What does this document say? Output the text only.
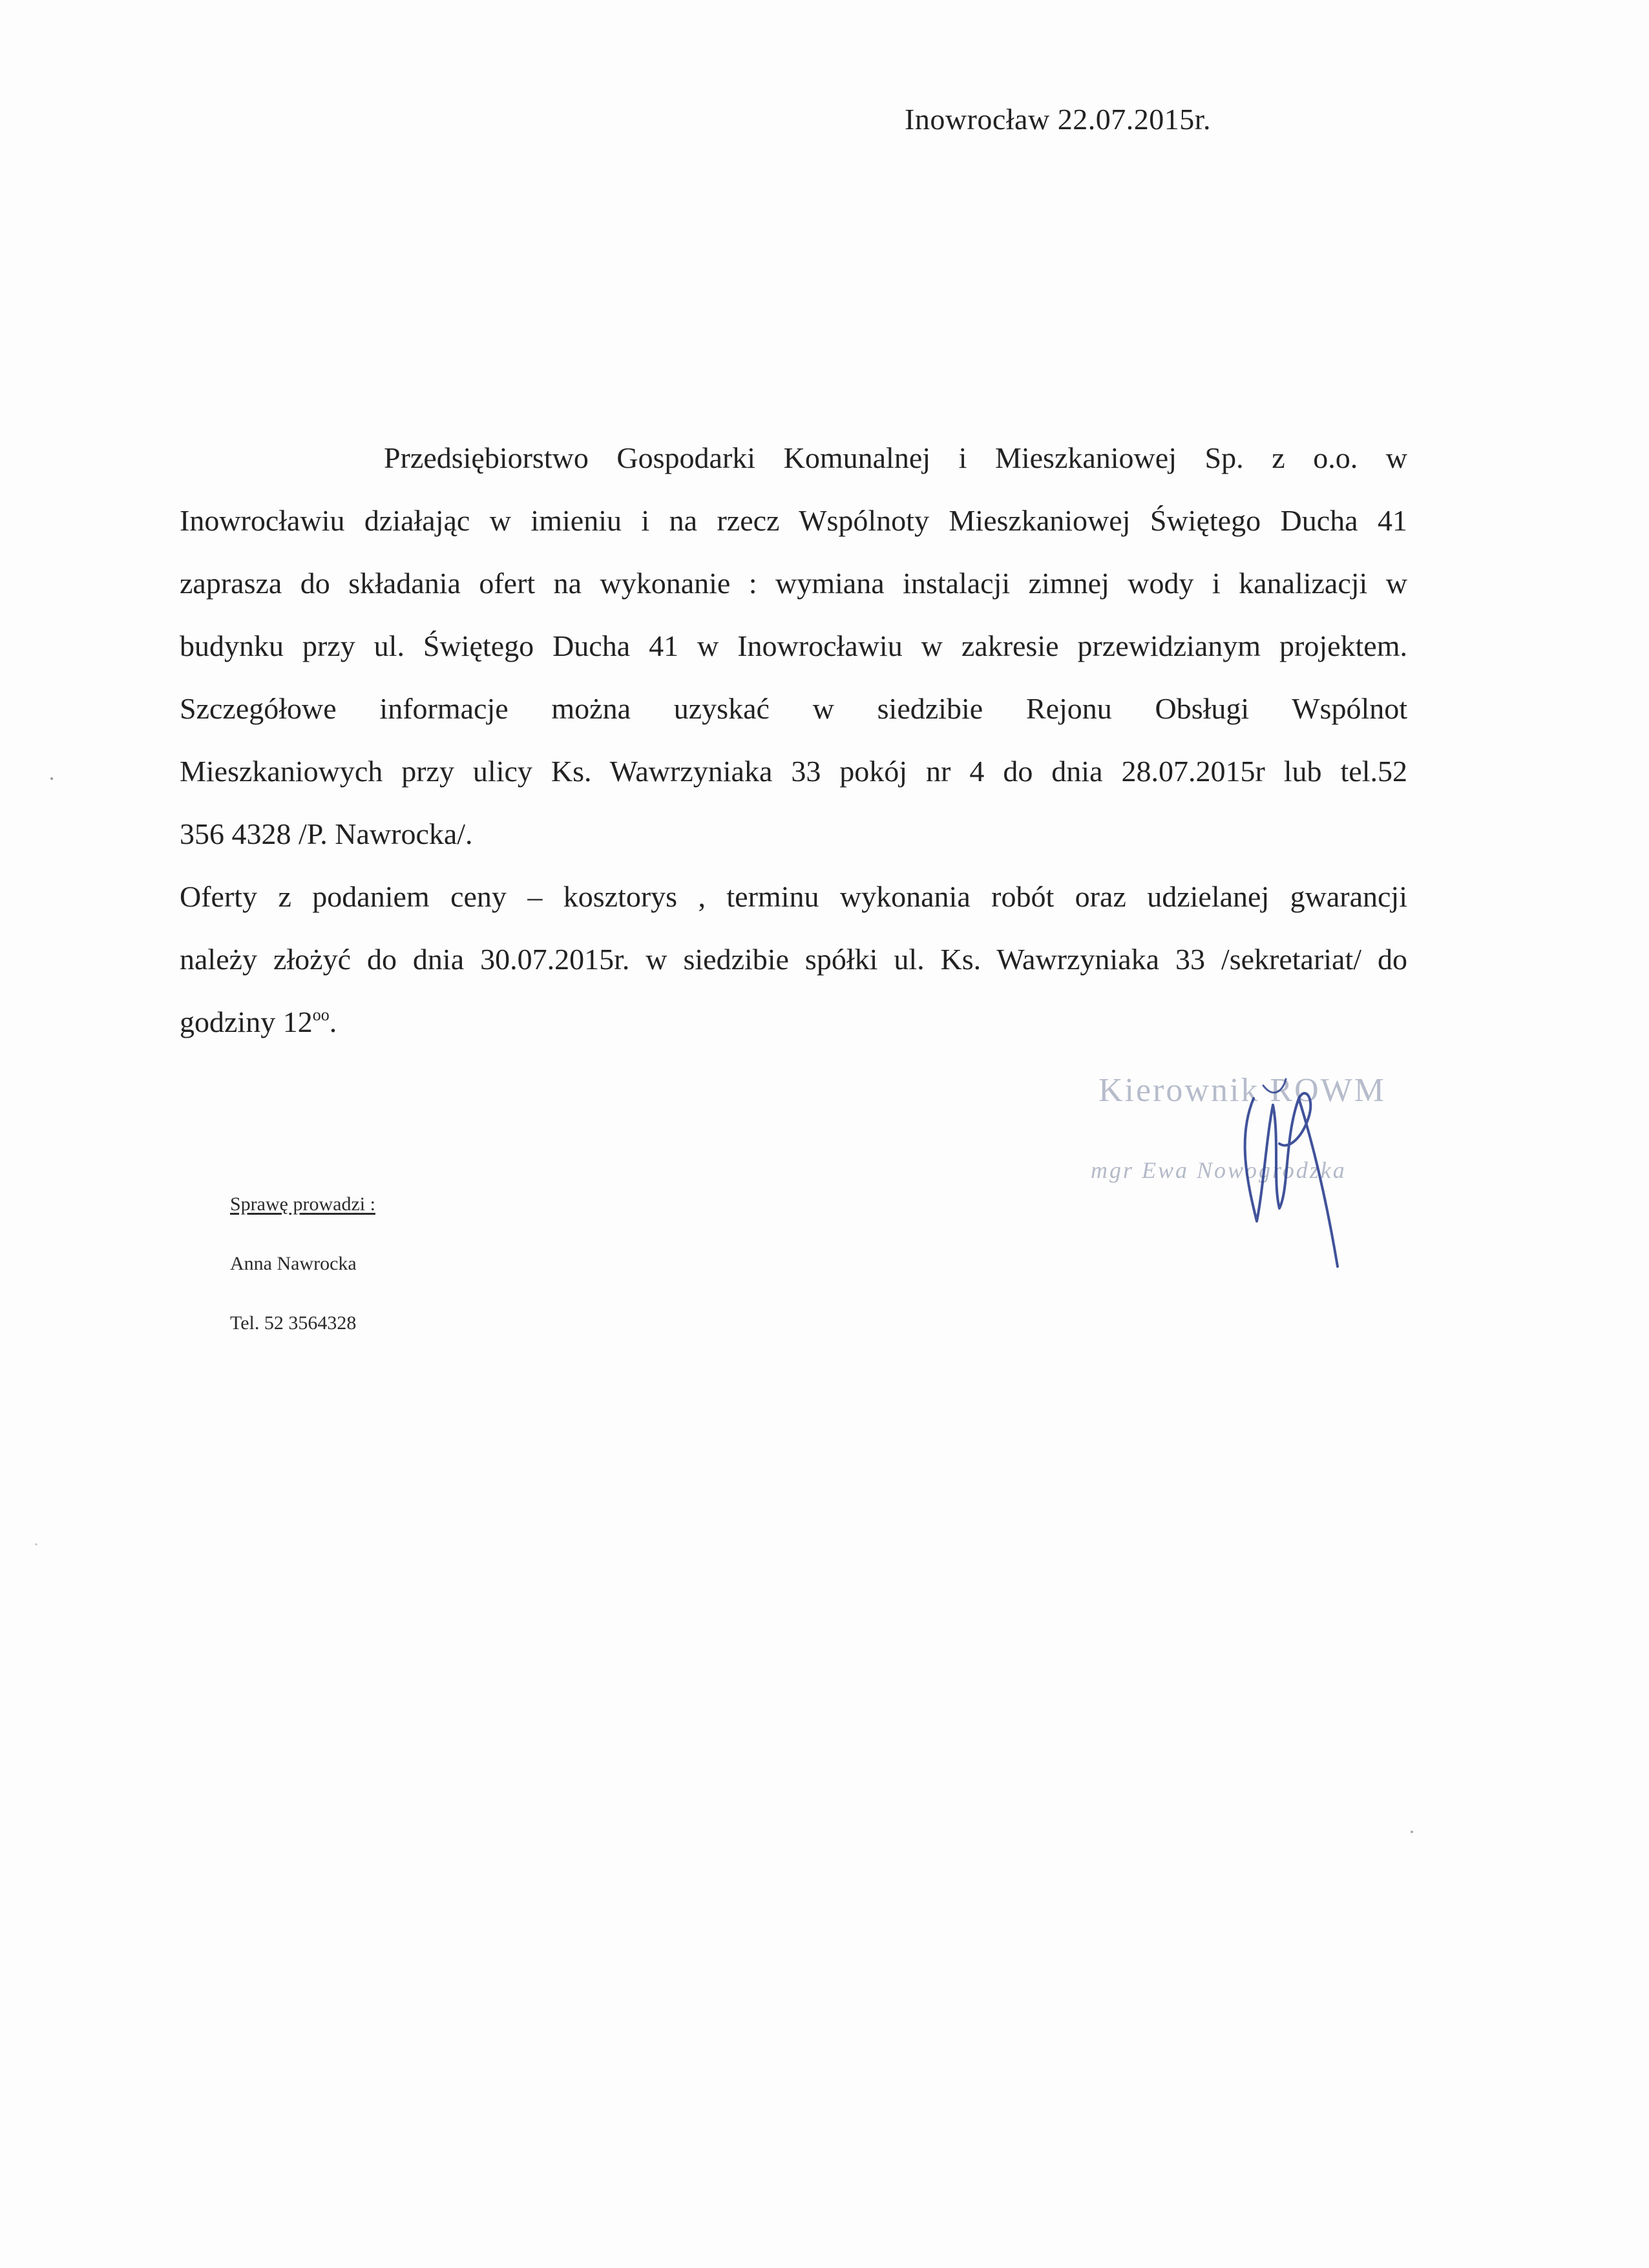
Inowrocław 22.07.2015r.
Przedsiębiorstwo Gospodarki Komunalnej i Mieszkaniowej Sp. z o.o. w
Inowrocławiu działając w imieniu i na rzecz Wspólnoty Mieszkaniowej Świętego Ducha 41
zaprasza do składania ofert na wykonanie : wymiana instalacji zimnej wody i kanalizacji w
budynku przy ul. Świętego Ducha 41 w Inowrocławiu w zakresie przewidzianym projektem.
Szczegółowe informacje można uzyskać w siedzibie Rejonu Obsługi Wspólnot
Mieszkaniowych przy ulicy Ks. Wawrzyniaka 33 pokój nr 4 do dnia 28.07.2015r lub tel.52
356 4328 /P. Nawrocka/.
Oferty z podaniem ceny – kosztorys , terminu wykonania robót oraz udzielanej gwarancji
należy złożyć do dnia 30.07.2015r. w siedzibie spółki ul. Ks. Wawrzyniaka 33 /sekretariat/ do
godziny $12^{oo}$.
Sprawę prowadzi :
Anna Nawrocka
Tel. 52 3564328
Kierownik ROWM
mgr Ewa Nowogrodzka
